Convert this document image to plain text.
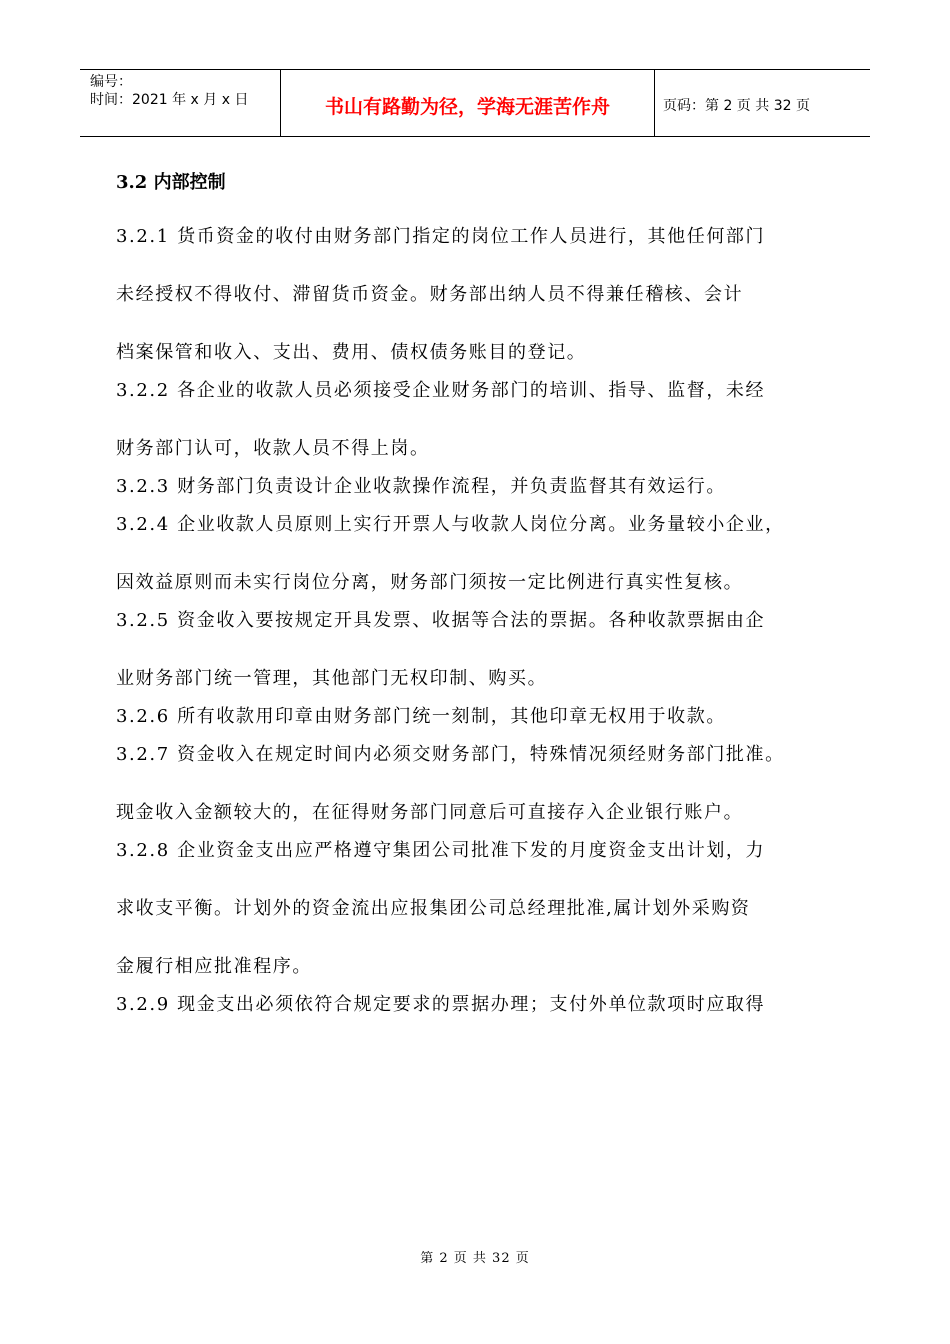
编号：
时间：2021 年 x 月 x 日	书山有路勤为径，学海无涯苦作舟	页码：第 2 页 共 32 页
3.2 内部控制
3.2.1 货币资金的收付由财务部门指定的岗位工作人员进行，其他任何部门
未经授权不得收付、滞留货币资金。财务部出纳人员不得兼任稽核、会计
档案保管和收入、支出、费用、债权债务账目的登记。
3.2.2 各企业的收款人员必须接受企业财务部门的培训、指导、监督，未经
财务部门认可，收款人员不得上岗。
3.2.3 财务部门负责设计企业收款操作流程，并负责监督其有效运行。
3.2.4 企业收款人员原则上实行开票人与收款人岗位分离。业务量较小企业，
因效益原则而未实行岗位分离，财务部门须按一定比例进行真实性复核。
3.2.5 资金收入要按规定开具发票、收据等合法的票据。各种收款票据由企
业财务部门统一管理，其他部门无权印制、购买。
3.2.6 所有收款用印章由财务部门统一刻制，其他印章无权用于收款。
3.2.7 资金收入在规定时间内必须交财务部门，特殊情况须经财务部门批准。
现金收入金额较大的，在征得财务部门同意后可直接存入企业银行账户。
3.2.8 企业资金支出应严格遵守集团公司批准下发的月度资金支出计划，力
求收支平衡。计划外的资金流出应报集团公司总经理批准,属计划外采购资
金履行相应批准程序。
3.2.9 现金支出必须依符合规定要求的票据办理；支付外单位款项时应取得
第 2 页 共 32 页
